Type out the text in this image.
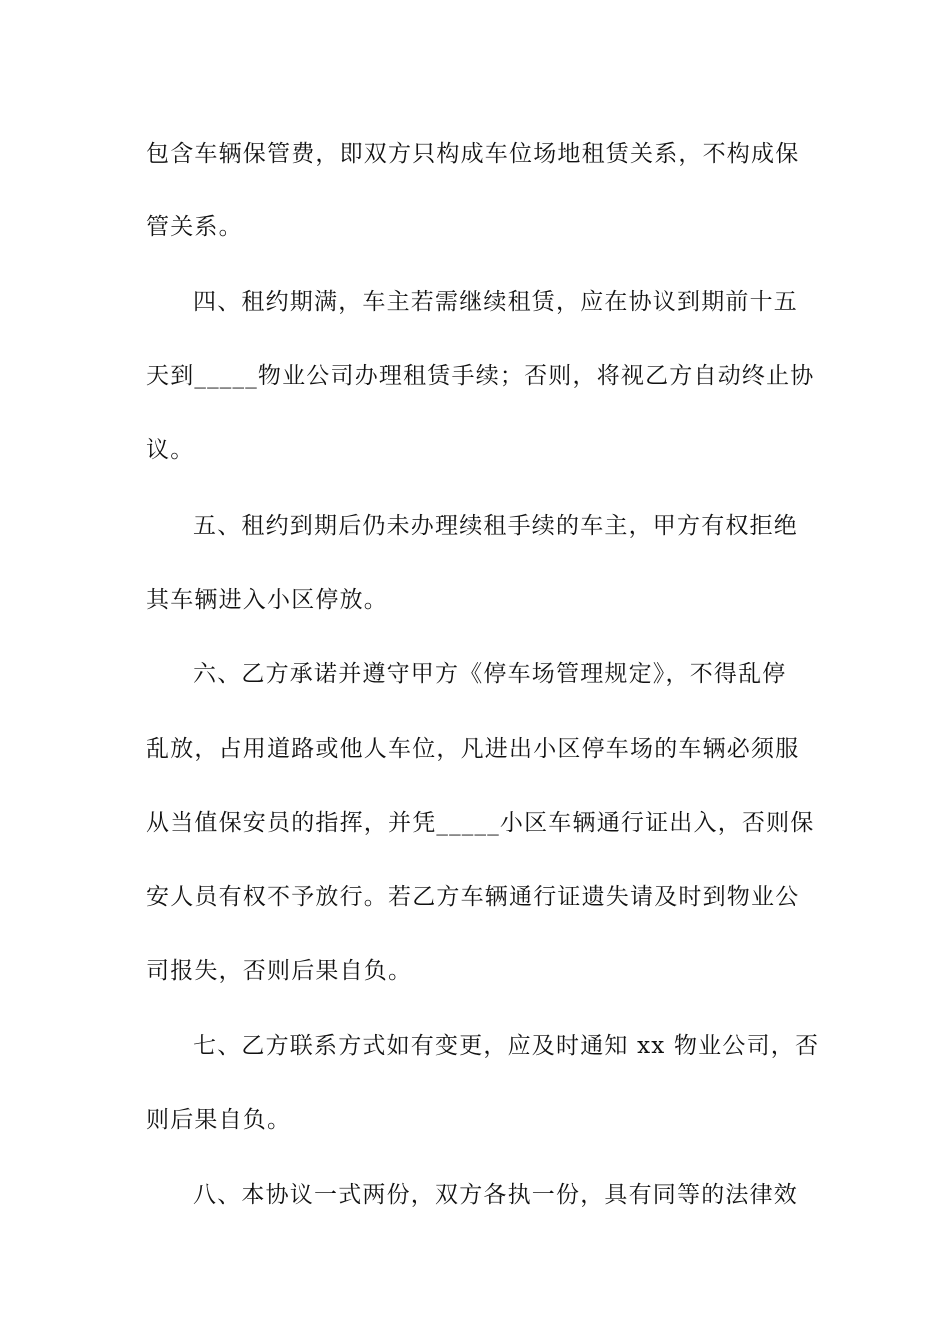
包含车辆保管费，即双方只构成车位场地租赁关系，不构成保
管关系。
四、租约期满，车主若需继续租赁，应在协议到期前十五
天到_____物业公司办理租赁手续；否则，将视乙方自动终止协
议。
五、租约到期后仍未办理续租手续的车主，甲方有权拒绝
其车辆进入小区停放。
六、乙方承诺并遵守甲方《停车场管理规定》，不得乱停
乱放，占用道路或他人车位，凡进出小区停车场的车辆必须服
从当值保安员的指挥，并凭_____小区车辆通行证出入，否则保
安人员有权不予放行。若乙方车辆通行证遗失请及时到物业公
司报失，否则后果自负。
七、乙方联系方式如有变更，应及时通知 xx 物业公司，否
则后果自负。
八、本协议一式两份，双方各执一份，具有同等的法律效
